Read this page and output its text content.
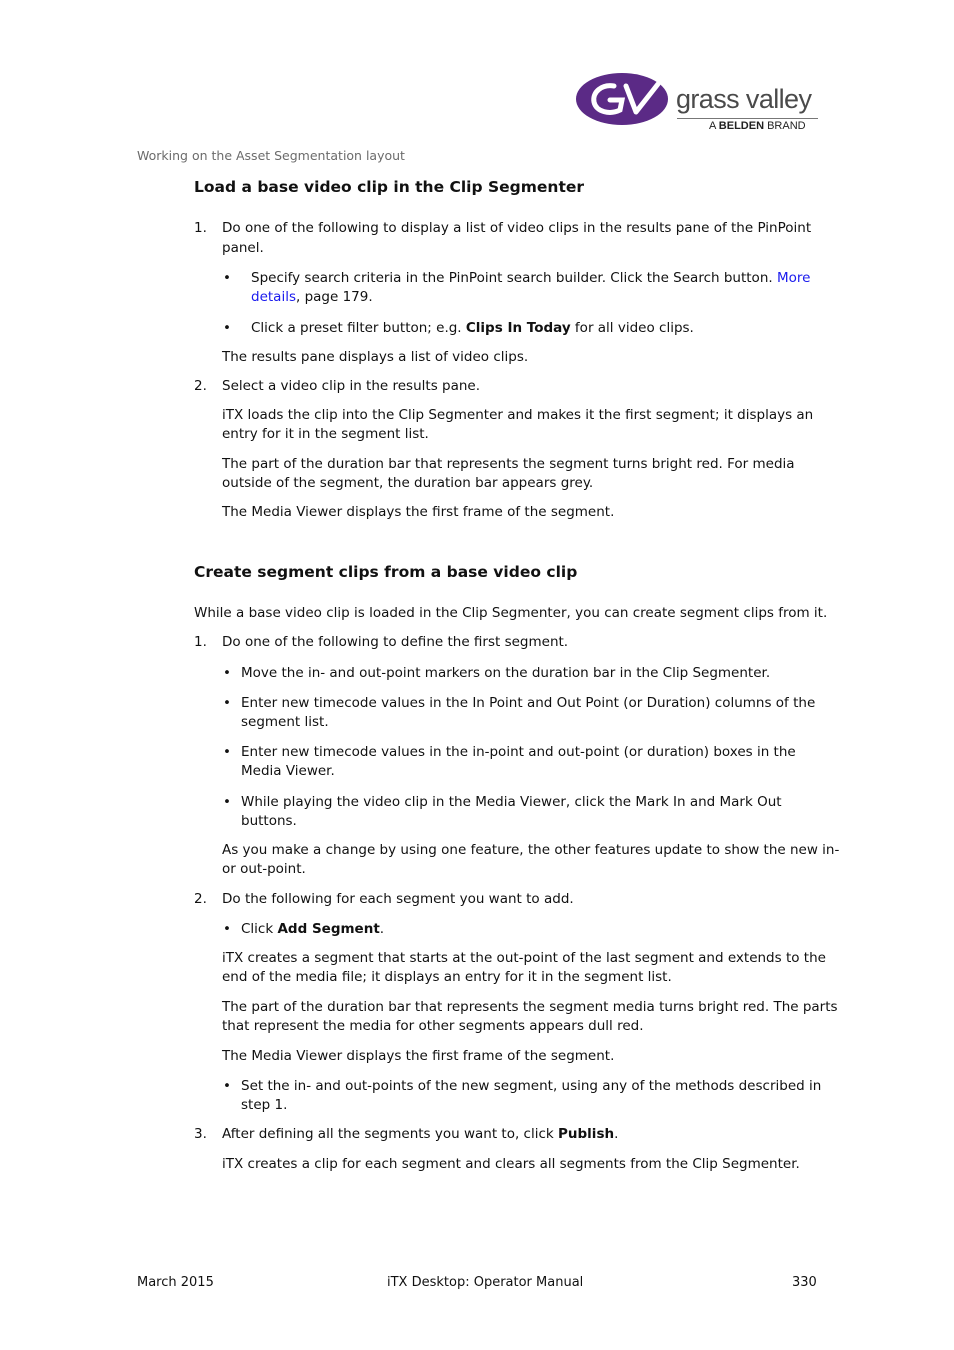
grass valley
A BELDEN BRAND
Working on the Asset Segmentation layout
Load a base video clip in the Clip Segmenter
1. Do one of the following to display a list of video clips in the results pane of the PinPoint
panel.
• Specify search criteria in the PinPoint search builder. Click the Search button. More
details, page 179.
• Click a preset filter button; e.g. Clips In Today for all video clips.
The results pane displays a list of video clips.
2. Select a video clip in the results pane.
iTX loads the clip into the Clip Segmenter and makes it the first segment; it displays an
entry for it in the segment list.
The part of the duration bar that represents the segment turns bright red. For media
outside of the segment, the duration bar appears grey.
The Media Viewer displays the first frame of the segment.
Create segment clips from a base video clip
While a base video clip is loaded in the Clip Segmenter, you can create segment clips from it.
1. Do one of the following to define the first segment.
• Move the in- and out-point markers on the duration bar in the Clip Segmenter.
• Enter new timecode values in the In Point and Out Point (or Duration) columns of the
segment list.
• Enter new timecode values in the in-point and out-point (or duration) boxes in the
Media Viewer.
• While playing the video clip in the Media Viewer, click the Mark In and Mark Out
buttons.
As you make a change by using one feature, the other features update to show the new in-
or out-point.
2. Do the following for each segment you want to add.
• Click Add Segment.
iTX creates a segment that starts at the out-point of the last segment and extends to the
end of the media file; it displays an entry for it in the segment list.
The part of the duration bar that represents the segment media turns bright red. The parts
that represent the media for other segments appears dull red.
The Media Viewer displays the first frame of the segment.
• Set the in- and out-points of the new segment, using any of the methods described in
step 1.
3. After defining all the segments you want to, click Publish.
iTX creates a clip for each segment and clears all segments from the Clip Segmenter.
March 2015	iTX Desktop: Operator Manual	330
